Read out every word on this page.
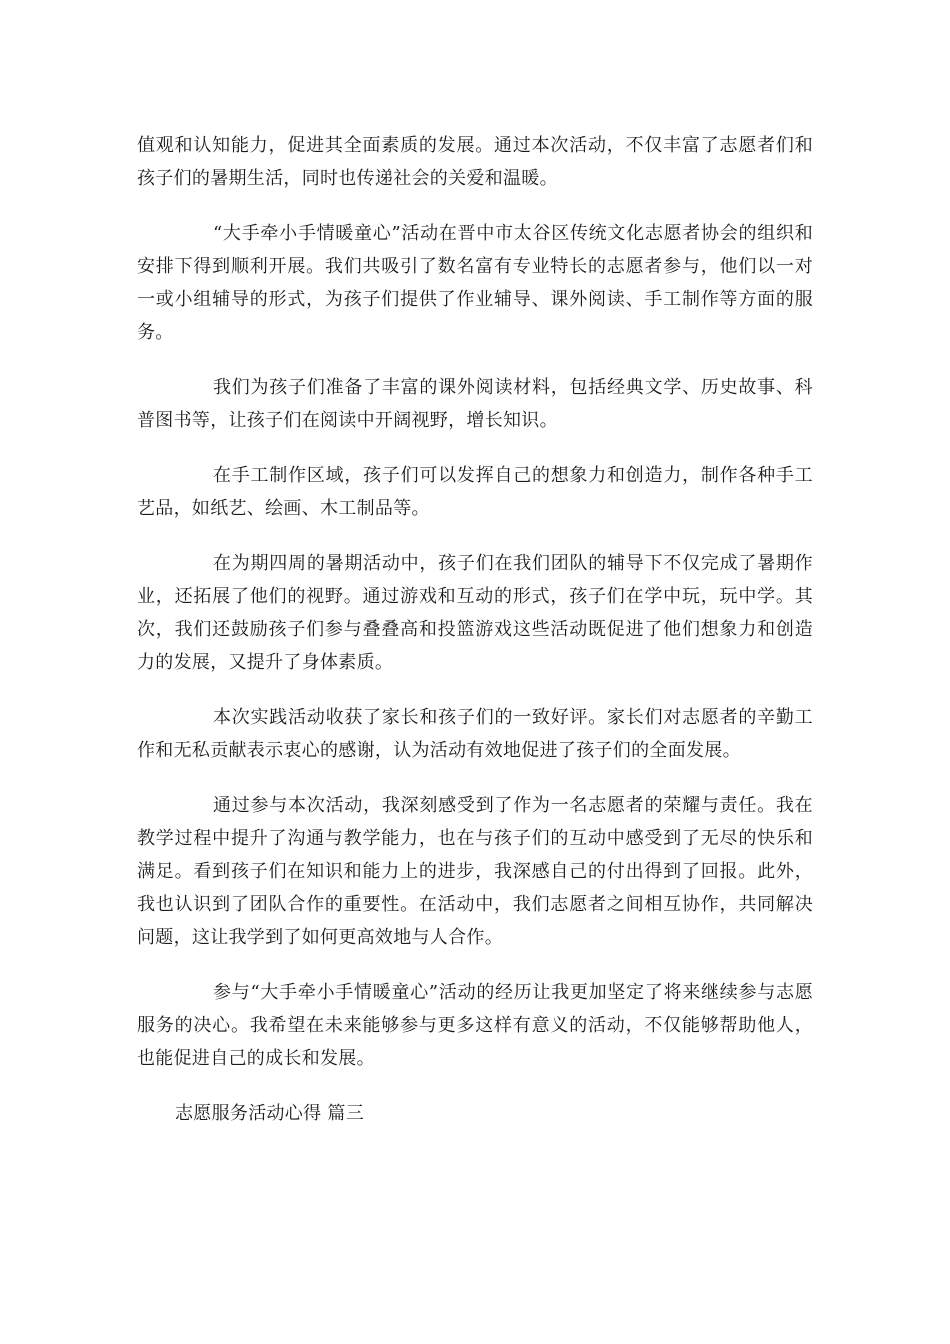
值观和认知能力，促进其全面素质的发展。通过本次活动，不仅丰富了志愿者们和孩子们的暑期生活，同时也传递社会的关爱和温暖。

“大手牵小手情暖童心”活动在晋中市太谷区传统文化志愿者协会的组织和安排下得到顺利开展。我们共吸引了数名富有专业特长的志愿者参与，他们以一对一或小组辅导的形式，为孩子们提供了作业辅导、课外阅读、手工制作等方面的服务。

我们为孩子们准备了丰富的课外阅读材料，包括经典文学、历史故事、科普图书等，让孩子们在阅读中开阔视野，增长知识。

在手工制作区域，孩子们可以发挥自己的想象力和创造力，制作各种手工艺品，如纸艺、绘画、木工制品等。

在为期四周的暑期活动中，孩子们在我们团队的辅导下不仅完成了暑期作业，还拓展了他们的视野。通过游戏和互动的形式，孩子们在学中玩，玩中学。其次，我们还鼓励孩子们参与叠叠高和投篮游戏这些活动既促进了他们想象力和创造力的发展，又提升了身体素质。

本次实践活动收获了家长和孩子们的一致好评。家长们对志愿者的辛勤工作和无私贡献表示衷心的感谢，认为活动有效地促进了孩子们的全面发展。

通过参与本次活动，我深刻感受到了作为一名志愿者的荣耀与责任。我在教学过程中提升了沟通与教学能力，也在与孩子们的互动中感受到了无尽的快乐和满足。看到孩子们在知识和能力上的进步，我深感自己的付出得到了回报。此外，我也认识到了团队合作的重要性。在活动中，我们志愿者之间相互协作，共同解决问题，这让我学到了如何更高效地与人合作。

参与“大手牵小手情暖童心”活动的经历让我更加坚定了将来继续参与志愿服务的决心。我希望在未来能够参与更多这样有意义的活动，不仅能够帮助他人，也能促进自己的成长和发展。

志愿服务活动心得 篇三
